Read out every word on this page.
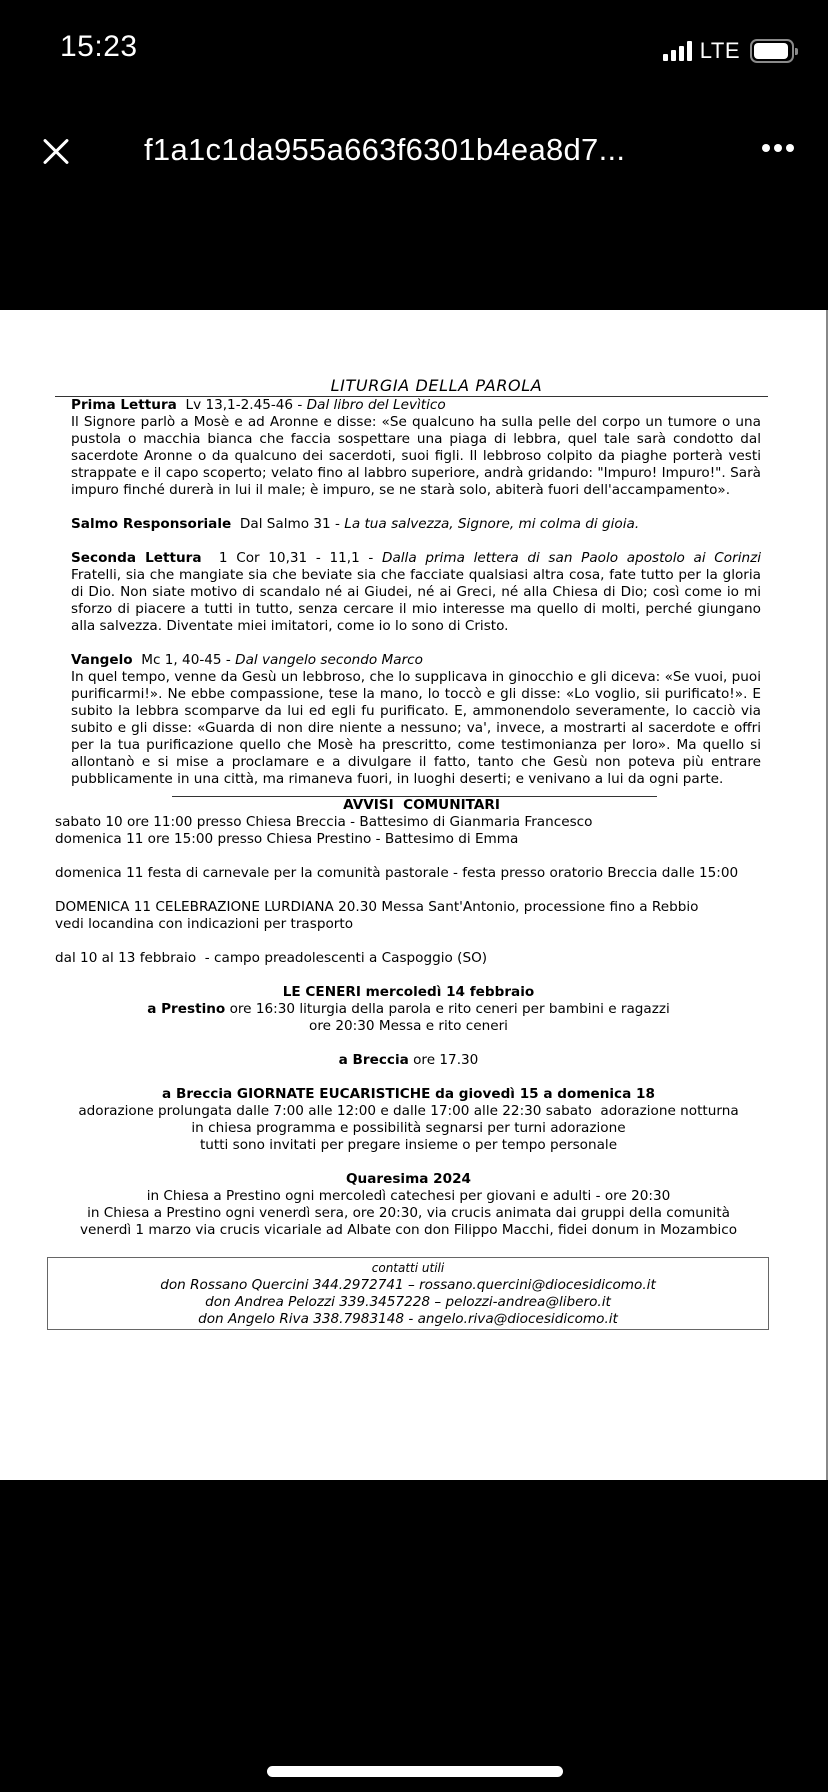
15:23	LTE
f1a1c1da955a663f6301b4ea8d7...
LITURGIA DELLA PAROLA

Prima Lettura Lv 13,1-2.45-46 - Dal libro del Levìtico

Il Signore parlò a Mosè e ad Aronne e disse: «Se qualcuno ha sulla pelle del corpo un tumore o una pustola o macchia bianca che faccia sospettare una piaga di lebbra, quel tale sarà condotto dal sacerdote Aronne o da qualcuno dei sacerdoti, suoi figli. Il lebbroso colpito da piaghe porterà vesti strappate e il capo scoperto; velato fino al labbro superiore, andrà gridando: "Impuro! Impuro!". Sarà impuro finché durerà in lui il male; è impuro, se ne starà solo, abiterà fuori dell'accampamento».

Salmo Responsoriale Dal Salmo 31 - La tua salvezza, Signore, mi colma di gioia.

Seconda Lettura 1 Cor 10,31 - 11,1 - Dalla prima lettera di san Paolo apostolo ai Corinzi

Fratelli, sia che mangiate sia che beviate sia che facciate qualsiasi altra cosa, fate tutto per la gloria di Dio. Non siate motivo di scandalo né ai Giudei, né ai Greci, né alla Chiesa di Dio; così come io mi sforzo di piacere a tutti in tutto, senza cercare il mio interesse ma quello di molti, perché giungano alla salvezza. Diventate miei imitatori, come io lo sono di Cristo.

Vangelo Mc 1, 40-45 - Dal vangelo secondo Marco

In quel tempo, venne da Gesù un lebbroso, che lo supplicava in ginocchio e gli diceva: «Se vuoi, puoi purificarmi!». Ne ebbe compassione, tese la mano, lo toccò e gli disse: «Lo voglio, sii purificato!». E subito la lebbra scomparve da lui ed egli fu purificato. E, ammonendolo severamente, lo cacciò via subito e gli disse: «Guarda di non dire niente a nessuno; va', invece, a mostrarti al sacerdote e offri per la tua purificazione quello che Mosè ha prescritto, come testimonianza per loro». Ma quello si allontanò e si mise a proclamare e a divulgare il fatto, tanto che Gesù non poteva più entrare pubblicamente in una città, ma rimaneva fuori, in luoghi deserti; e venivano a lui da ogni parte.

AVVISI  COMUNITARI

sabato 10 ore 11:00 presso Chiesa Breccia - Battesimo di Gianmaria Francesco

domenica 11 ore 15:00 presso Chiesa Prestino - Battesimo di Emma

domenica 11 festa di carnevale per la comunità pastorale - festa presso oratorio Breccia dalle 15:00

DOMENICA 11 CELEBRAZIONE LURDIANA 20.30 Messa Sant'Antonio, processione fino a Rebbio

vedi locandina con indicazioni per trasporto

dal 10 al 13 febbraio  - campo preadolescenti a Caspoggio (SO)

LE CENERI mercoledì 14 febbraio

a Prestino ore 16:30 liturgia della parola e rito ceneri per bambini e ragazzi

ore 20:30 Messa e rito ceneri

a Breccia ore 17.30

a Breccia GIORNATE EUCARISTICHE da giovedì 15 a domenica 18

adorazione prolungata dalle 7:00 alle 12:00 e dalle 17:00 alle 22:30 sabato  adorazione notturna

in chiesa programma e possibilità segnarsi per turni adorazione

tutti sono invitati per pregare insieme o per tempo personale

Quaresima 2024

in Chiesa a Prestino ogni mercoledì catechesi per giovani e adulti - ore 20:30

in Chiesa a Prestino ogni venerdì sera, ore 20:30, via crucis animata dai gruppi della comunità

venerdì 1 marzo via crucis vicariale ad Albate con don Filippo Macchi, fidei donum in Mozambico

contatti utili

don Rossano Quercini 344.2972741 – rossano.quercini@diocesidicomo.it

don Andrea Pelozzi 339.3457228 – pelozzi-andrea@libero.it

don Angelo Riva 338.7983148 - angelo.riva@diocesidicomo.it
